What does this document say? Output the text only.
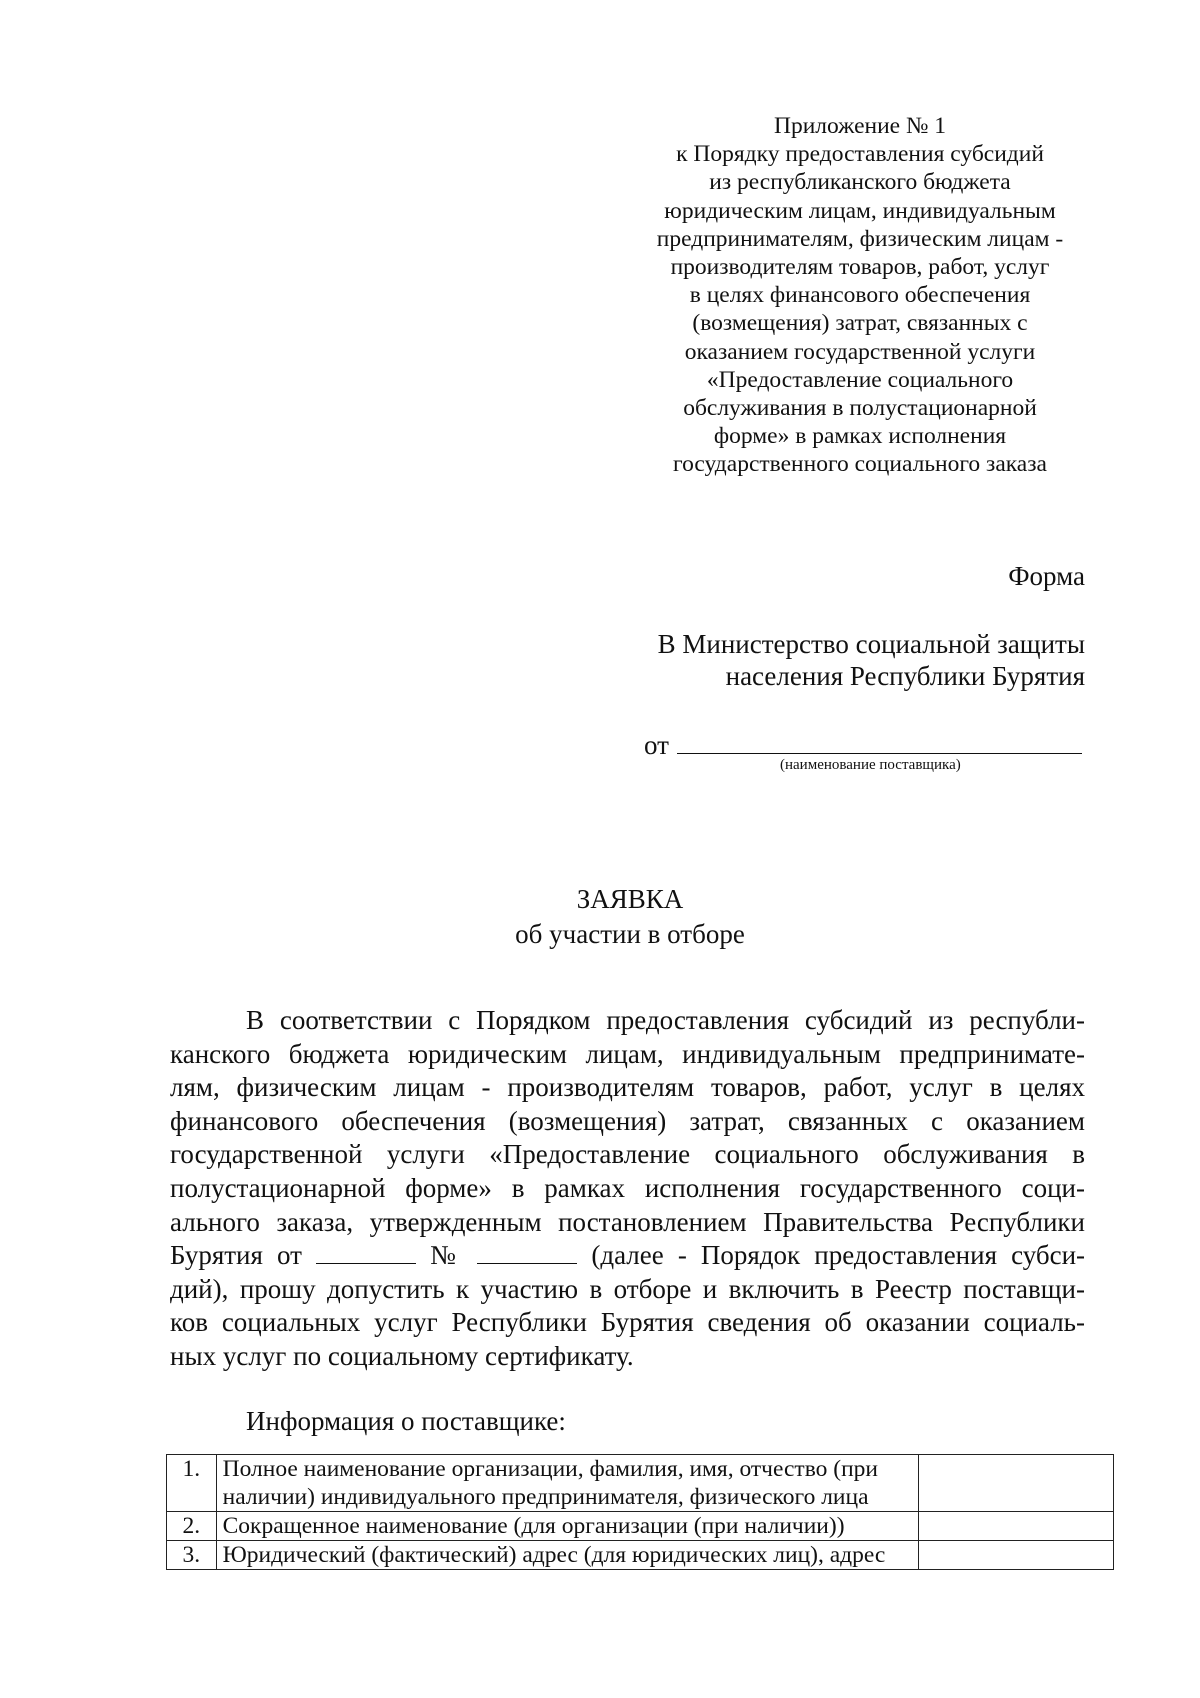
Приложение № 1
к Порядку предоставления субсидий
из республиканского бюджета
юридическим лицам, индивидуальным
предпринимателям, физическим лицам -
производителям товаров, работ, услуг
в целях финансового обеспечения
(возмещения) затрат, связанных с
оказанием государственной услуги
«Предоставление социального
обслуживания в полустационарной
форме» в рамках исполнения
государственного социального заказа
Форма
В Министерство социальной защиты
населения Республики Бурятия
от
(наименование поставщика)
ЗАЯВКА
об участии в отборе
В соответствии с Порядком предоставления субсидий из республи-
канского бюджета юридическим лицам, индивидуальным предпринимате-
лям, физическим лицам - производителям товаров, работ, услуг в целях
финансового обеспечения (возмещения) затрат, связанных с оказанием
государственной услуги «Предоставление социального обслуживания в
полустационарной форме» в рамках исполнения государственного соци-
ального заказа, утвержденным постановлением Правительства Республики
Бурятия от	№	(далее - Порядок предоставления субси-
дий), прошу допустить к участию в отборе и включить в Реестр поставщи-
ков социальных услуг Республики Бурятия сведения об оказании социаль-
ных услуг по социальному сертификату.
Информация о поставщике:
1.	Полное наименование организации, фамилия, имя, отчество (при
наличии) индивидуального предпринимателя, физического лица	

2.	Сокращенное наименование (для организации (при наличии))	
3.	Юридический (фактический) адрес (для юридических лиц), адрес	
